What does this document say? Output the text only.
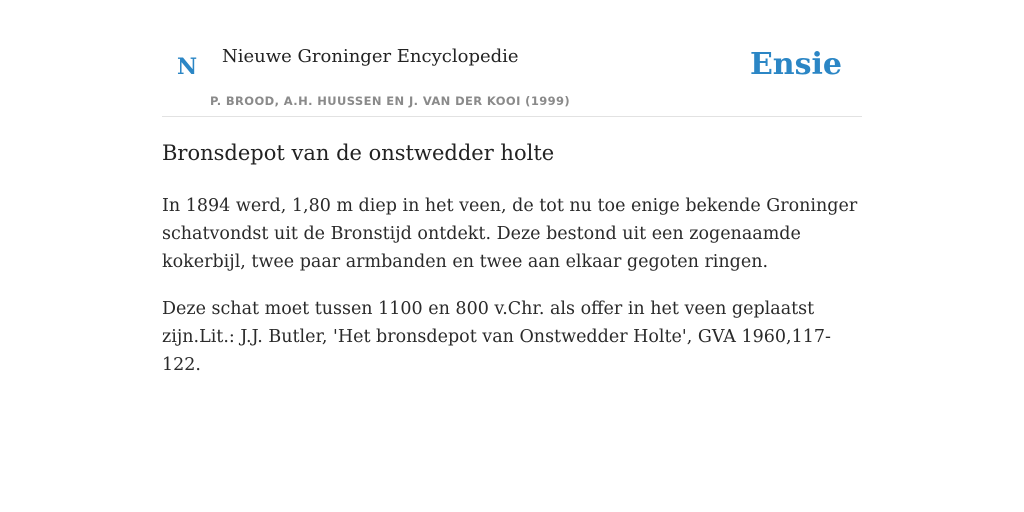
N Nieuwe Groninger Encyclopedie
P. BROOD, A.H. HUUSSEN EN J. VAN DER KOOI (1999)
Ensie
Bronsdepot van de onstwedder holte

In 1894 werd, 1,80 m diep in het veen, de tot nu toe enige bekende Groninger schatvondst uit de Bronstijd ontdekt. Deze bestond uit een zogenaamde kokerbijl, twee paar armbanden en twee aan elkaar gegoten ringen.

Deze schat moet tussen 1100 en 800 v.Chr. als offer in het veen geplaatst zijn.Lit.: J.J. Butler, 'Het bronsdepot van Onstwedder Holte', GVA 1960,117-122.
